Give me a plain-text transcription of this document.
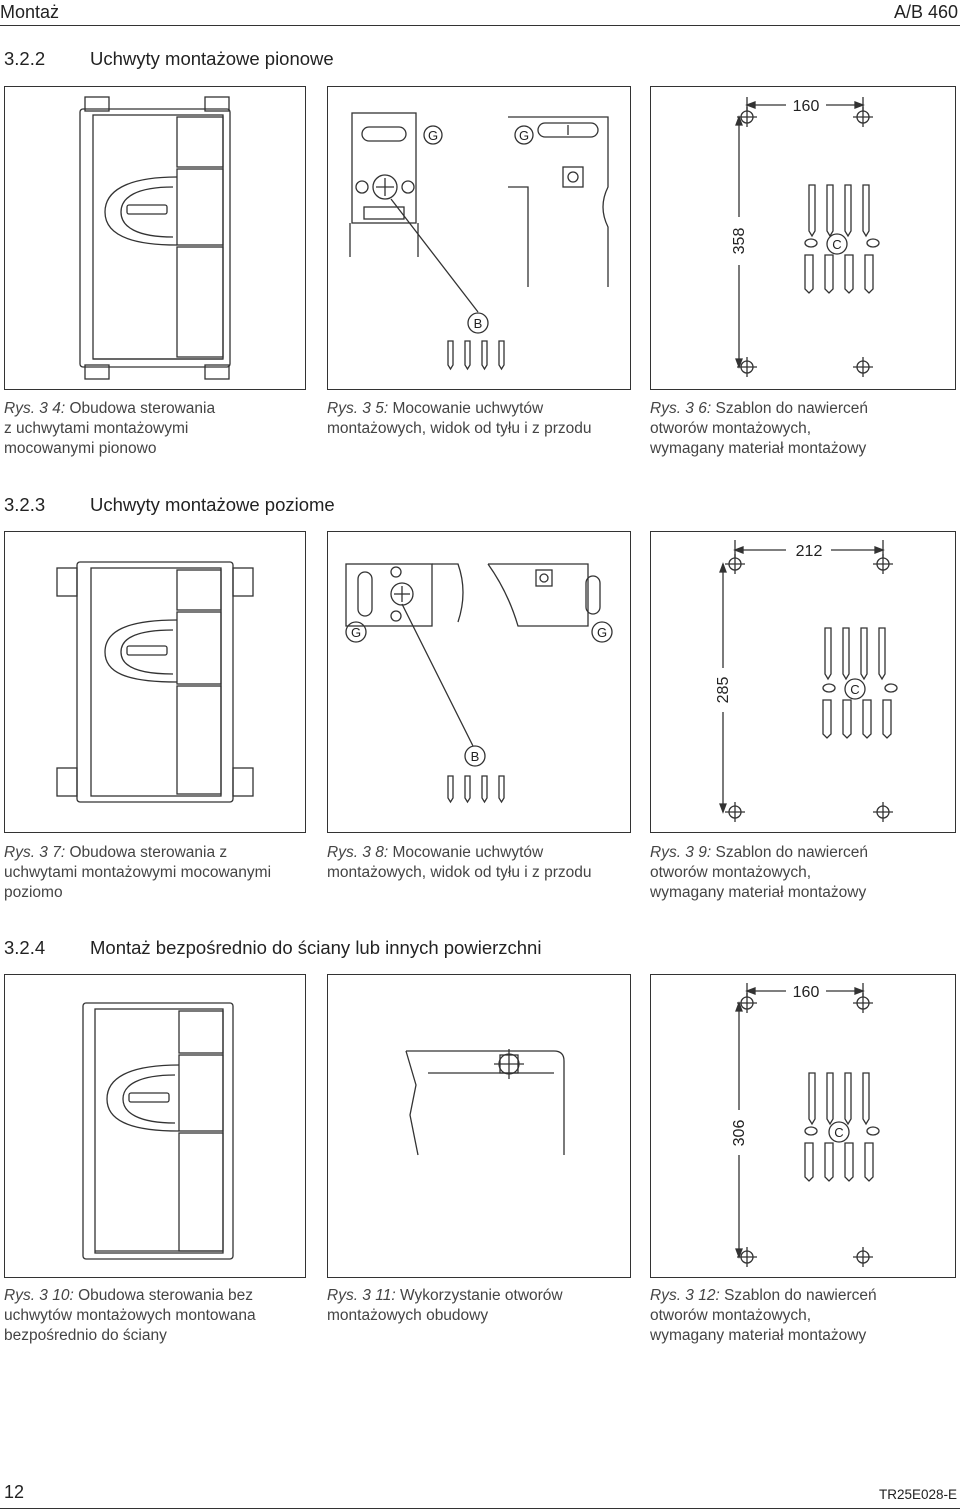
Montaż	A/B 460
3.2.2 Uchwyty montażowe pionowe
3.2.3 Uchwyty montażowe poziome
3.2.4 Montaż bezpośrednio do ściany lub innych powierzchni
Rys. 3 4: Obudowa sterowania
z uchwytami montażowymi
mocowanymi pionowo
G	G
B
Rys. 3 5: Mocowanie uchwytów
montażowych, widok od tyłu i z przodu
160
358	C
Rys. 3 6: Szablon do nawierceń
otworów montażowych,
wymagany materiał montażowy
Rys. 3 7: Obudowa sterowania z
uchwytami montażowymi mocowanymi
poziomo
G	G
B
Rys. 3 8: Mocowanie uchwytów
montażowych, widok od tyłu i z przodu
212
285	C
Rys. 3 9: Szablon do nawierceń
otworów montażowych,
wymagany materiał montażowy
Rys. 3 10: Obudowa sterowania bez
uchwytów montażowych montowana
bezpośrednio do ściany
Rys. 3 11: Wykorzystanie otworów
montażowych obudowy
160
306	C
Rys. 3 12: Szablon do nawierceń
otworów montażowych,
wymagany materiał montażowy
12	TR25E028-E
